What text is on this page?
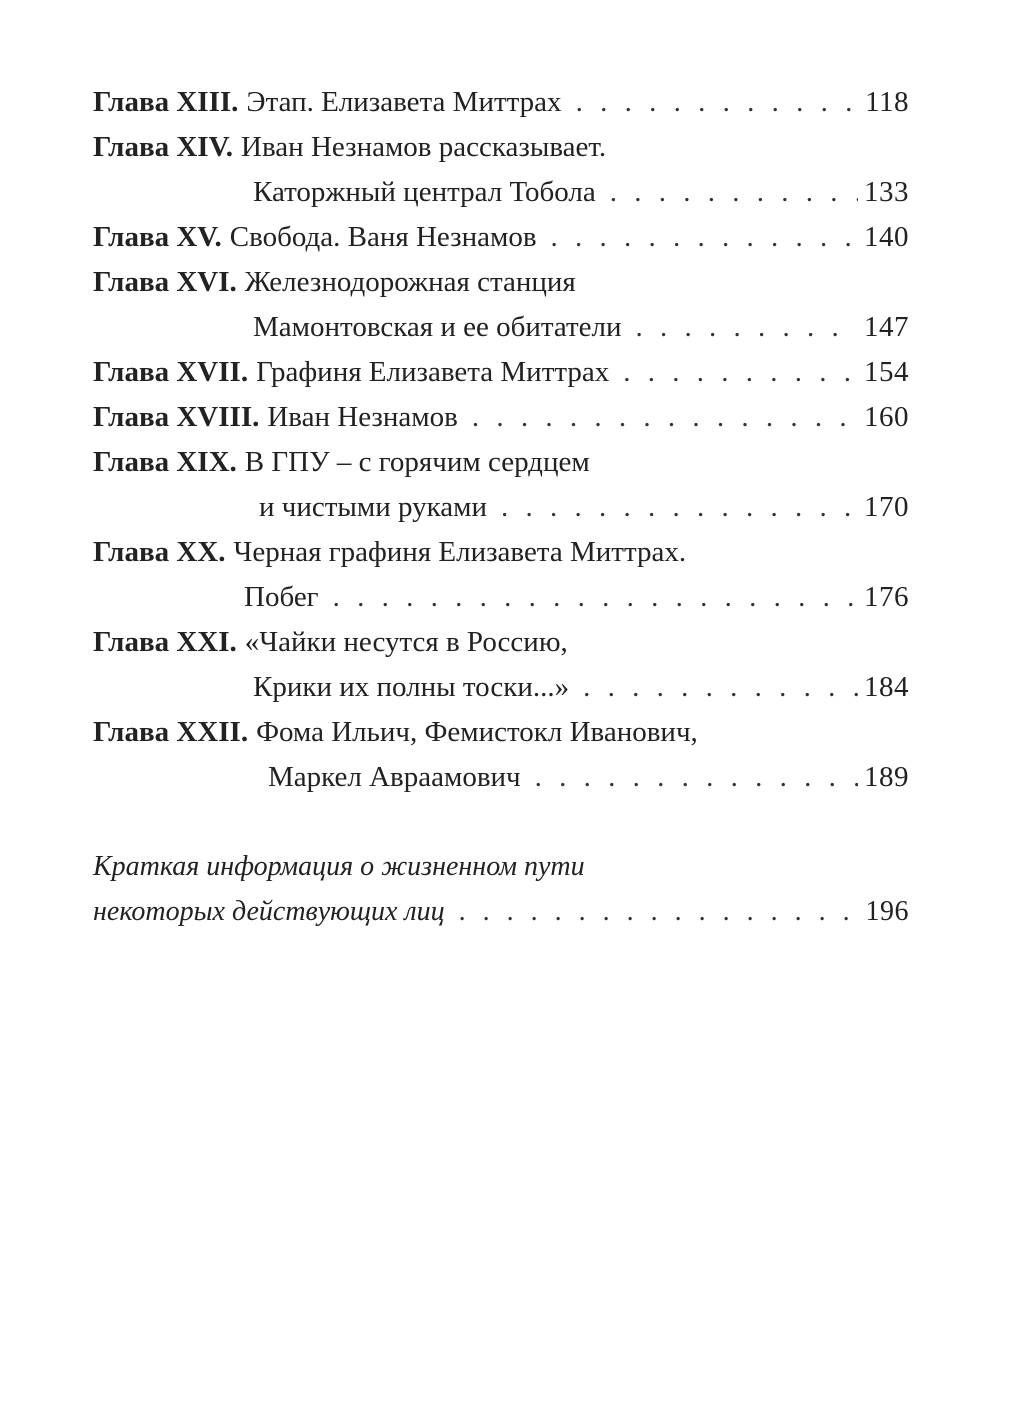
Глава XIII. Этап. Елизавета Миттрах . . .	118
Глава XIV. Иван Незнамов рассказывает.
Каторжный централ Тобола . . .	133
Глава XV. Свобода. Ваня Незнамов . . .	140
Глава XVI. Железнодорожная станция
Мамонтовская и ее обитатели . . .	147
Глава XVII. Графиня Елизавета Миттрах . . .	154
Глава XVIII. Иван Незнамов . . .	160
Глава XIX. В ГПУ – с горячим сердцем
и чистыми руками . . .	170
Глава XX. Черная графиня Елизавета Миттрах.
Побег . . .	176
Глава XXI. «Чайки несутся в Россию,
Крики их полны тоски...» . . .	184
Глава XXII. Фома Ильич, Фемистокл Иванович,
Маркел Авраамович . . .	189
Краткая информация о жизненном пути
некоторых действующих лиц . . .	196
